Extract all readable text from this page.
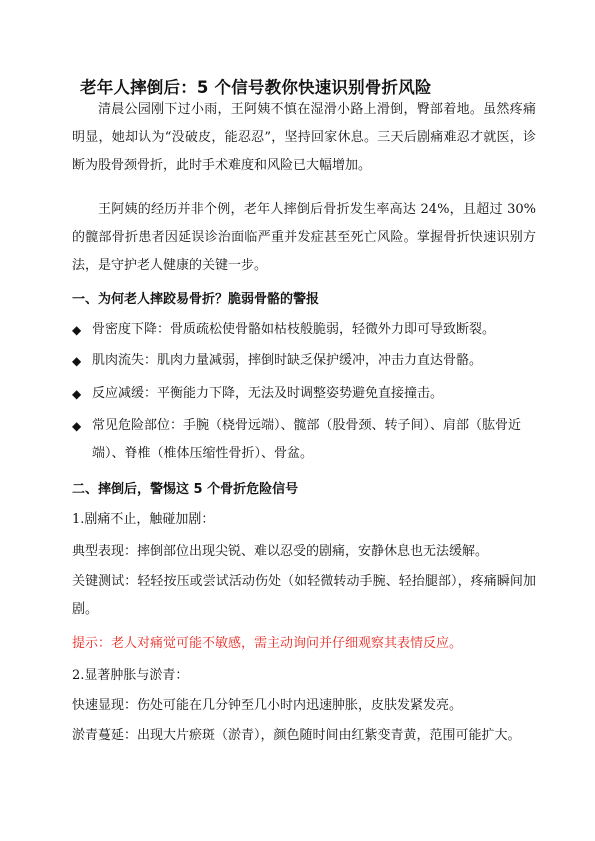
老年人摔倒后：5 个信号教你快速识别骨折风险
清晨公园刚下过小雨，王阿姨不慎在湿滑小路上滑倒，臀部着地。虽然疼痛明显，她却认为“没破皮，能忍忍”，坚持回家休息。三天后剧痛难忍才就医，诊断为股骨颈骨折，此时手术难度和风险已大幅增加。
王阿姨的经历并非个例，老年人摔倒后骨折发生率高达 24%，且超过 30% 的髋部骨折患者因延误诊治面临严重并发症甚至死亡风险。掌握骨折快速识别方法，是守护老人健康的关键一步。
一、为何老人摔跤易骨折？脆弱骨骼的警报
◆ 骨密度下降：骨质疏松使骨骼如枯枝般脆弱，轻微外力即可导致断裂。
◆ 肌肉流失：肌肉力量减弱，摔倒时缺乏保护缓冲，冲击力直达骨骼。
◆ 反应减缓：平衡能力下降，无法及时调整姿势避免直接撞击。
◆ 常见危险部位：手腕（桡骨远端）、髋部（股骨颈、转子间）、肩部（肱骨近端）、脊椎（椎体压缩性骨折）、骨盆。
二、摔倒后，警惕这 5 个骨折危险信号
1.剧痛不止，触碰加剧：
典型表现：摔倒部位出现尖锐、难以忍受的剧痛，安静休息也无法缓解。
关键测试：轻轻按压或尝试活动伤处（如轻微转动手腕、轻抬腿部），疼痛瞬间加剧。
提示：老人对痛觉可能不敏感，需主动询问并仔细观察其表情反应。
2.显著肿胀与淤青：
快速显现：伤处可能在几分钟至几小时内迅速肿胀，皮肤发紧发亮。
淤青蔓延：出现大片瘀斑（淤青），颜色随时间由红紫变青黄，范围可能扩大。
